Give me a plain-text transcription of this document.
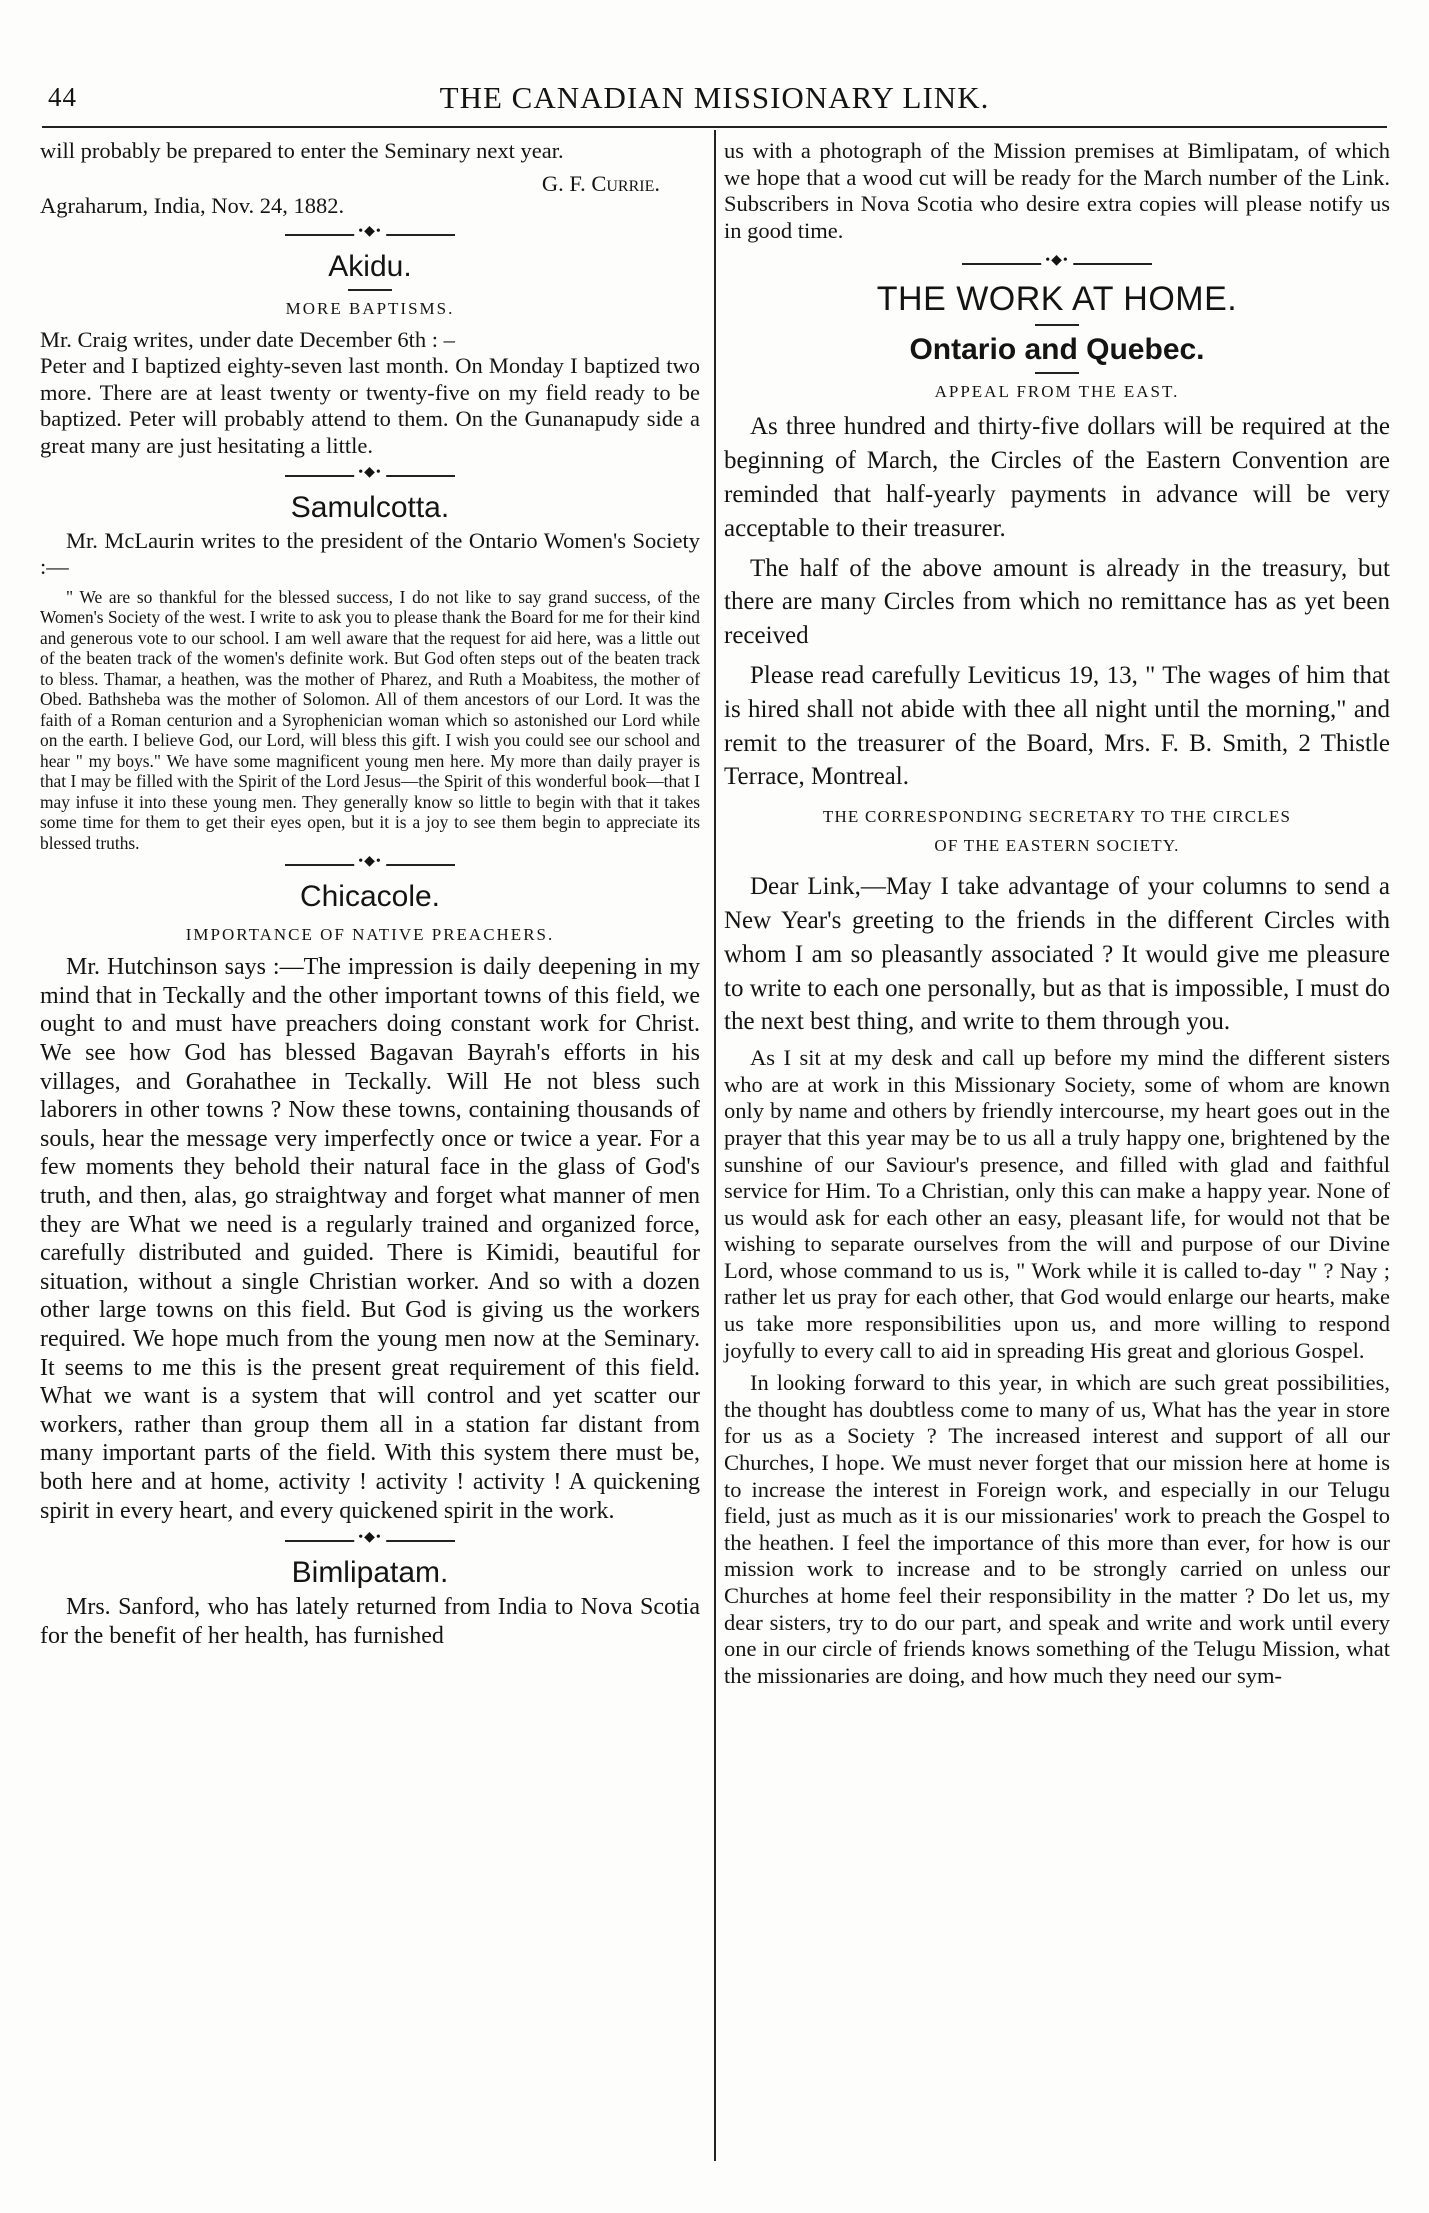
44	THE CANADIAN MISSIONARY LINK.

will probably be prepared to enter the Seminary next year.

G. F. Currie.
Agraharum, India, Nov. 24, 1882.
•◆•
Akidu.
MORE BAPTISMS.

Mr. Craig writes, under date December 6th : –

Peter and I baptized eighty-seven last month. On Monday I baptized two more. There are at least twenty or twenty-five on my field ready to be baptized. Peter will probably attend to them. On the Gunanapudy side a great many are just hesitating a little.

•◆•
Samulcotta.

Mr. McLaurin writes to the president of the Ontario Women's Society :—

" We are so thankful for the blessed success, I do not like to say grand success, of the Women's Society of the west. I write to ask you to please thank the Board for me for their kind and generous vote to our school. I am well aware that the request for aid here, was a little out of the beaten track of the women's definite work. But God often steps out of the beaten track to bless. Thamar, a heathen, was the mother of Pharez, and Ruth a Moabitess, the mother of Obed. Bathsheba was the mother of Solomon. All of them ancestors of our Lord. It was the faith of a Roman centurion and a Syrophenician woman which so astonished our Lord while on the earth. I believe God, our Lord, will bless this gift. I wish you could see our school and hear " my boys." We have some magnificent young men here. My more than daily prayer is that I may be filled with the Spirit of the Lord Jesus—the Spirit of this wonderful book—that I may infuse it into these young men. They generally know so little to begin with that it takes some time for them to get their eyes open, but it is a joy to see them begin to appreciate its blessed truths.

•◆•
Chicacole.
IMPORTANCE OF NATIVE PREACHERS.

Mr. Hutchinson says :—The impression is daily deepening in my mind that in Teckally and the other important towns of this field, we ought to and must have preachers doing constant work for Christ. We see how God has blessed Bagavan Bayrah's efforts in his villages, and Gorahathee in Teckally. Will He not bless such laborers in other towns ? Now these towns, containing thousands of souls, hear the message very imperfectly once or twice a year. For a few moments they behold their natural face in the glass of God's truth, and then, alas, go straightway and forget what manner of men they are What we need is a regularly trained and organized force, carefully distributed and guided. There is Kimidi, beautiful for situation, without a single Christian worker. And so with a dozen other large towns on this field. But God is giving us the workers required. We hope much from the young men now at the Seminary. It seems to me this is the present great requirement of this field. What we want is a system that will control and yet scatter our workers, rather than group them all in a station far distant from many important parts of the field. With this system there must be, both here and at home, activity ! activity ! activity ! A quickening spirit in every heart, and every quickened spirit in the work.

•◆•
Bimlipatam.

Mrs. Sanford, who has lately returned from India to Nova Scotia for the benefit of her health, has furnished

us with a photograph of the Mission premises at Bimlipatam, of which we hope that a wood cut will be ready for the March number of the Link. Subscribers in Nova Scotia who desire extra copies will please notify us in good time.

•◆•
THE WORK AT HOME.
Ontario and Quebec.
APPEAL FROM THE EAST.

As three hundred and thirty-five dollars will be required at the beginning of March, the Circles of the Eastern Convention are reminded that half-yearly payments in advance will be very acceptable to their treasurer.

The half of the above amount is already in the treasury, but there are many Circles from which no remittance has as yet been received

Please read carefully Leviticus 19, 13, " The wages of him that is hired shall not abide with thee all night until the morning," and remit to the treasurer of the Board, Mrs. F. B. Smith, 2 Thistle Terrace, Montreal.

THE CORRESPONDING SECRETARY TO THE CIRCLES
OF THE EASTERN SOCIETY.

Dear Link,—May I take advantage of your columns to send a New Year's greeting to the friends in the different Circles with whom I am so pleasantly associated ? It would give me pleasure to write to each one personally, but as that is impossible, I must do the next best thing, and write to them through you.

As I sit at my desk and call up before my mind the different sisters who are at work in this Missionary Society, some of whom are known only by name and others by friendly intercourse, my heart goes out in the prayer that this year may be to us all a truly happy one, brightened by the sunshine of our Saviour's presence, and filled with glad and faithful service for Him. To a Christian, only this can make a happy year. None of us would ask for each other an easy, pleasant life, for would not that be wishing to separate ourselves from the will and purpose of our Divine Lord, whose command to us is, " Work while it is called to-day " ? Nay ; rather let us pray for each other, that God would enlarge our hearts, make us take more responsibilities upon us, and more willing to respond joyfully to every call to aid in spreading His great and glorious Gospel.

In looking forward to this year, in which are such great possibilities, the thought has doubtless come to many of us, What has the year in store for us as a Society ? The increased interest and support of all our Churches, I hope. We must never forget that our mission here at home is to increase the interest in Foreign work, and especially in our Telugu field, just as much as it is our missionaries' work to preach the Gospel to the heathen. I feel the importance of this more than ever, for how is our mission work to increase and to be strongly carried on unless our Churches at home feel their responsibility in the matter ? Do let us, my dear sisters, try to do our part, and speak and write and work until every one in our circle of friends knows something of the Telugu Mission, what the missionaries are doing, and how much they need our sym-
